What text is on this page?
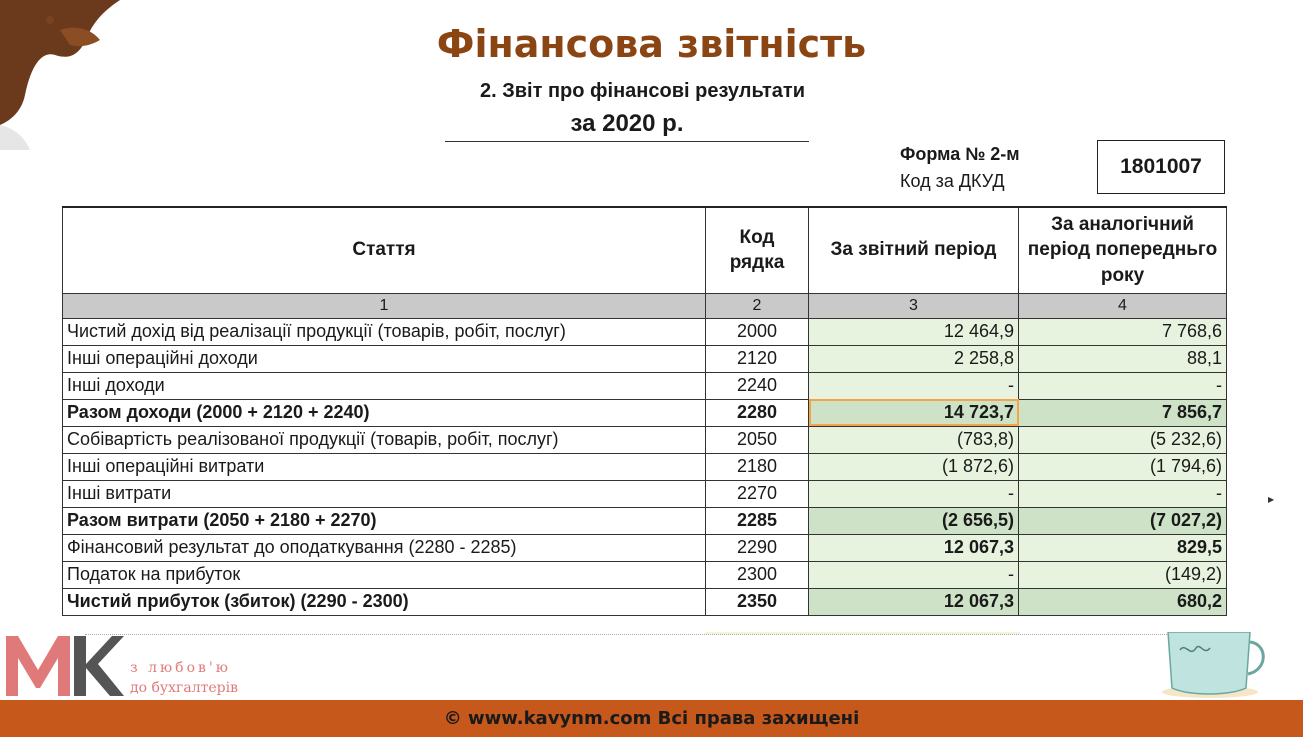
Фінансова звітність
2. Звіт про фінансові результати
за 2020 р.
Форма № 2-м
Код за ДКУД
1801007
Стаття	Код рядка	За звітний період	За аналогічний період попередньго року
1	2	3	4
Чистий дохід від реалізації продукції (товарів, робіт, послуг)	2000	12 464,9	7 768,6
Інші операційні доходи	2120	2 258,8	88,1
Інші доходи	2240	-	-
Разом доходи (2000 + 2120 + 2240)	2280	14 723,7	7 856,7
Собівартість реалізованої продукції (товарів, робіт, послуг)	2050	(783,8)	(5 232,6)
Інші операційні витрати	2180	(1 872,6)	(1 794,6)
Інші витрати	2270	-	-
Разом витрати (2050 + 2180 + 2270)	2285	(2 656,5)	(7 027,2)
Фінансовий результат до оподаткування (2280 - 2285)	2290	12 067,3	829,5
Податок на прибуток	2300	-	(149,2)
Чистий прибуток (збиток) (2290 - 2300)	2350	12 067,3	680,2
▶
з любов'ю
до бухгалтерів
© www.kavynm.com Всі права захищені
